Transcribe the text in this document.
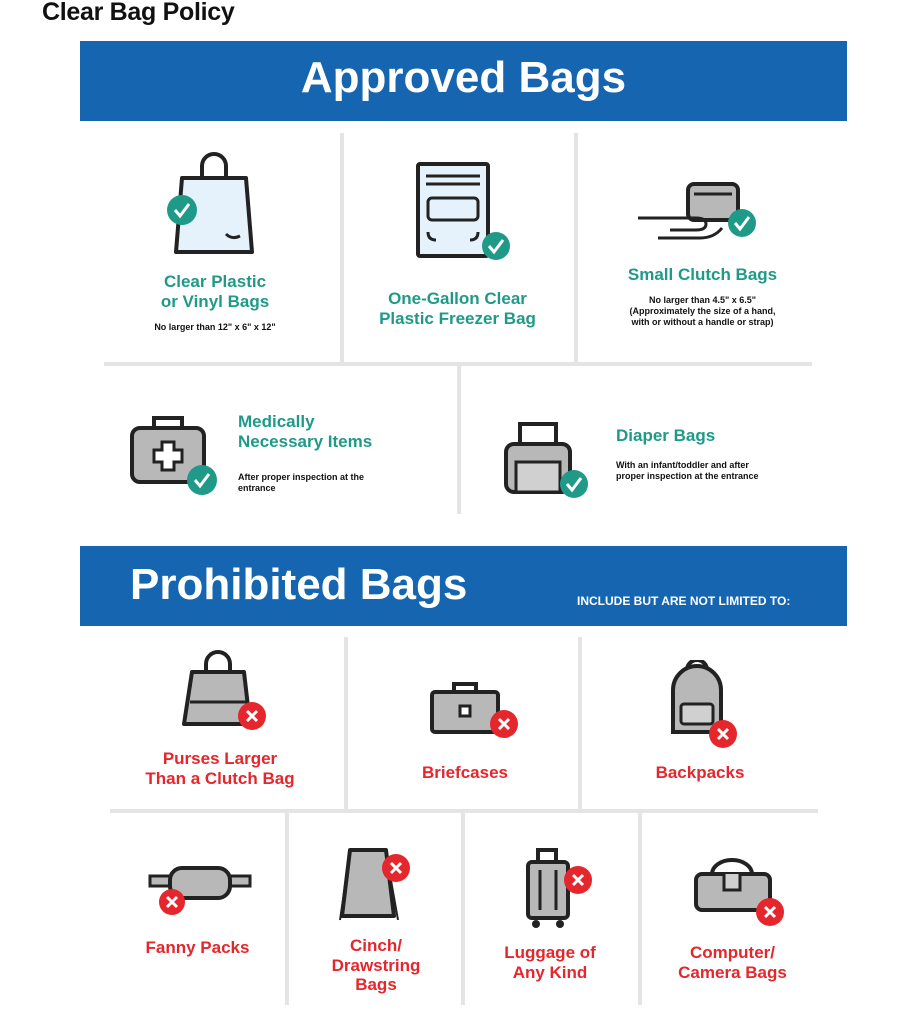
Clear Bag Policy
Approved Bags
Clear Plastic
or Vinyl Bags
No larger than 12" x 6" x 12"
One-Gallon Clear
Plastic Freezer Bag
Small Clutch Bags
No larger than 4.5" x 6.5"
(Approximately the size of a hand,
with or without a handle or strap)
Medically
Necessary Items
After proper inspection at the
entrance
Diaper Bags
With an infant/toddler and after
proper inspection at the entrance
Prohibited Bags	INCLUDE BUT ARE NOT LIMITED TO:
Purses Larger
Than a Clutch Bag	Briefcases	Backpacks
Fanny Packs	Cinch/
Drawstring
Bags
Luggage of
Any Kind
Computer/
Camera Bags
